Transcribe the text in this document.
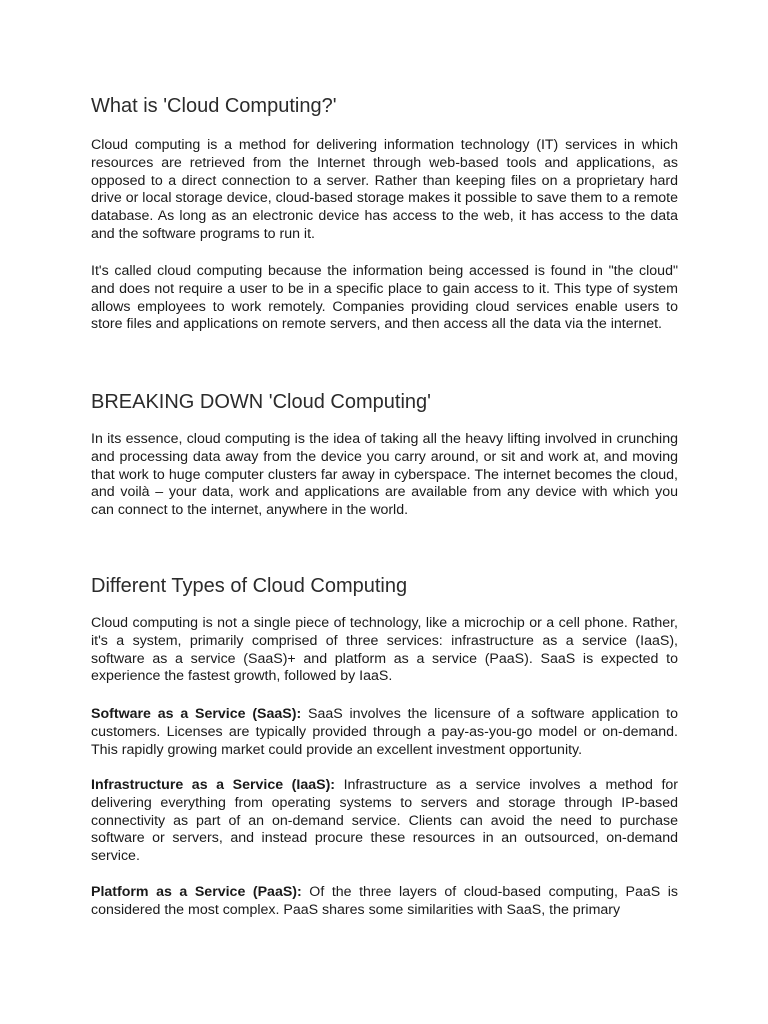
What is 'Cloud Computing?'

Cloud computing is a method for delivering information technology (IT) services in which resources are retrieved from the Internet through web-based tools and applications, as opposed to a direct connection to a server. Rather than keeping files on a proprietary hard drive or local storage device, cloud-based storage makes it possible to save them to a remote database. As long as an electronic device has access to the web, it has access to the data and the software programs to run it.

It's called cloud computing because the information being accessed is found in "the cloud" and does not require a user to be in a specific place to gain access to it. This type of system allows employees to work remotely. Companies providing cloud services enable users to store files and applications on remote servers, and then access all the data via the internet.

BREAKING DOWN 'Cloud Computing'

In its essence, cloud computing is the idea of taking all the heavy lifting involved in crunching and processing data away from the device you carry around, or sit and work at, and moving that work to huge computer clusters far away in cyberspace. The internet becomes the cloud, and voilà – your data, work and applications are available from any device with which you can connect to the internet, anywhere in the world.

Different Types of Cloud Computing

Cloud computing is not a single piece of technology, like a microchip or a cell phone. Rather, it's a system, primarily comprised of three services: infrastructure as a service (IaaS), software as a service (SaaS)+ and platform as a service (PaaS). SaaS is expected to experience the fastest growth, followed by IaaS.

Software as a Service (SaaS): SaaS involves the licensure of a software application to customers. Licenses are typically provided through a pay-as-you-go model or on-demand. This rapidly growing market could provide an excellent investment opportunity.

Infrastructure as a Service (IaaS): Infrastructure as a service involves a method for delivering everything from operating systems to servers and storage through IP-based connectivity as part of an on-demand service. Clients can avoid the need to purchase software or servers, and instead procure these resources in an outsourced, on-demand service.

Platform as a Service (PaaS): Of the three layers of cloud-based computing, PaaS is considered the most complex. PaaS shares some similarities with SaaS, the primary
